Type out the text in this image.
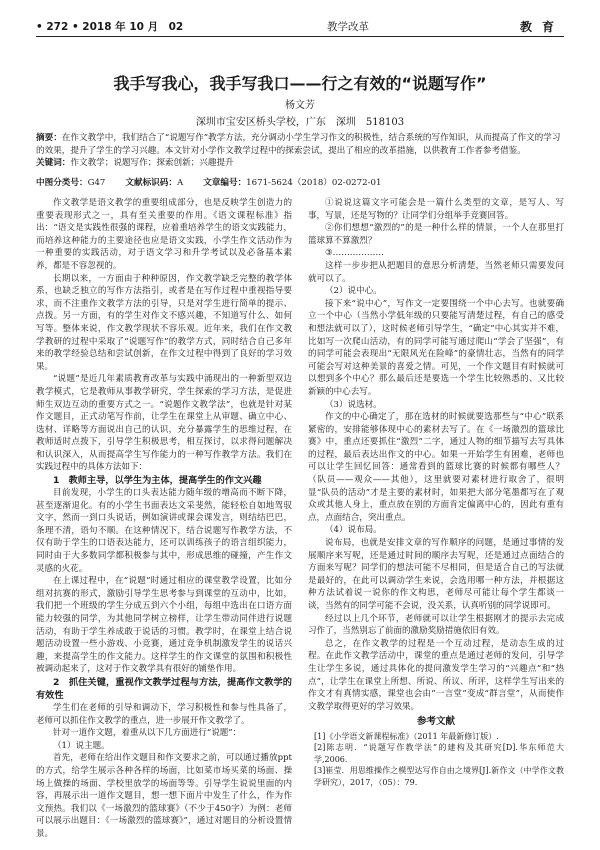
• 272 • 2018 年 10 月　02	教学改革	教育
我手写我心，我手写我口——行之有效的“说题写作”
杨文芳
深圳市宝安区桥头学校，广东　深圳　518103

摘要：在作文教学中，我们结合了“说题写作”教学方法，充分调动小学生学习作文的积极性，结合系统的写作知识，从而提高了作文的学习的效果，提升了学生的学习兴趣。本文针对小学作文教学过程中的探索尝试，提出了相应的改革措施，以供教育工作者参考借鉴。

关键词：作文教学；说题写作；探索创新；兴趣提升

中图分类号：G47 文献标识码：A 文章编号：1671-5624（2018）02-0272-01

作文教学是语文教学的重要组成部分，也是反映学生创造力的重要表现形式之一，具有至关重要的作用。《语文课程标准》指出：“语文是实践性很强的课程，应着重培养学生的语文实践能力，而培养这种能力的主要途径也应是语文实践，小学生作文活动作为一种重要的实践活动，对于语文学习和升学考试以及必备基本素养，都是不容忽视的。

长期以来，一方面由于种种原因，作文教学缺乏完整的教学体系，也缺乏独立的写作方法指引，或者是在写作过程中重视指导要求，而不注重作文教学方法的引导，只是对学生进行简单的提示、点拨。另一方面，有的学生对作文不感兴趣，不知道写什么、如何写等。整体来说，作文教学现状不容乐观。近年来，我们在作文教学教研的过程中采取了“说题写作”的教学方式，同时结合自己多年来的教学经验总结和尝试创新，在作文过程中得到了良好的学习效果。

“说题”是近几年素质教育改革与实践中涌现出的一种新型双边教学模式，它是教师从事教学研究，学生探索的学习方法，是促进师生双边互动的重要方式之一。“说题作文教学法”，也就是针对某作文题目，正式动笔写作前，让学生在课堂上从审题、确立中心、选材、详略等方面说出自己的认识，充分暴露学生的思维过程，在教师适时点拨下，引导学生积极思考，相互探讨，以求得问题解决和认识深入，从而提高学生写作能力的一种写作教学方法。我们在实践过程中的具体方法如下：

1　教师主导，以学生为主体，提高学生的作文兴趣

目前发现，小学生的口头表达能力随年级的增高而不断下降，甚至逐渐退化。有的小学生书面表达文采斐然，能轻松自如地驾驭文字，然而一到口头说话，例如演讲或课会课发言，则结结巴巴，条理不清，语句不顺。在这种情况下，结合说题写作教学方法，不仅有助于学生的口语表达能力，还可以训练孩子的语言组织能力，同时由于大多数同学都积极参与其中，形成思维的碰撞，产生作文灵感的火花。

在上课过程中，在“说题”时通过相应的课堂教学设置，比如分组对抗赛的形式，激励引导学生思考参与到课堂的互动中，比如，我们把一个班级的学生分成五到六个小组，每组中选出在口语方面能力较强的同学，为其他同学树立榜样，让学生带动同伴进行说题活动，有助于学生养成敢于说话的习惯。教学时，在课堂上结合说题活动设置一些小游戏、小竞赛，通过竞争机制激发学生的说话兴趣，来提高学生的作文能力。这样学生的作文课堂的氛围和积极性被调动起来了，这对于作文教学具有很好的铺垫作用。

2　抓住关键，重视作文教学过程与方法，提高作文教学的有效性

学生们在老师的引导和调动下，学习积极性和参与性具备了，老师可以抓住作文教学的重点，进一步展开作文教学了。

针对一道作文题，着重从以下几方面进行“说题”：

（1）说主题。

首先，老师在给出作文题目和作文要求之前，可以通过播放ppt的方式，给学生展示各种各样的场面，比如菜市场买菜的场面、操场上做操的场面、学校里放学的场面等等。引导学生说说里面的内容，再展示出一道作文题目，想一想下面片中发生了什么，作为作文预热。我们以《一场激烈的篮球赛》（不少于450字）为例：老师可以展示出题目：《一场激烈的篮球赛》”，通过对题目的分析设置情景。

①说说这篇文字可能会是一篇什么类型的文章，是写人、写事，写景，还是写物的？让同学们分组举手竞赛回答。

②你们想想“激烈的”的是一种什么样的情景，一个人在那里打篮球算不算激烈？

③………………

这样一步步把从把题目的意思分析清楚，当然老师只需要发问就可以了。

（2）说中心。

接下来“说中心”，写作文一定要围绕一个中心去写。也就要确立一个中心（当然小学低年级的只要能写清楚过程，有自己的感受和想法就可以了），这时候老师引导学生，“确定”中心其实并不难，比如写一次爬山活动，有的同学可能写通过爬山“学会了坚强”，有的同学可能会表现出“无限风光在险峰”的豪情壮志，当然有的同学可能会写对这种美景的喜爱之情。可见，一个作文题目有时候就可以想到多个中心？那么最后还是要选一个学生比较熟悉的、又比较新颖的中心去写。

（3）说选材。

作文的中心确定了，那在选材的时候就要选那些与“中心”联系紧密的，安排能够体现中心的素材去写了。在《一场激烈的篮球比赛》中，重点还要抓住“激烈”二字，通过人物的细节描写去写具体的过程，最后表达出作文的中心。如果一开始学生有困难，老师也可以让学生回忆回答：通常看到的篮球比赛的时候都有哪些人？（队员——观众——其他），这里就要对素材进行取舍了，很明显“队员的活动”才是主要的素材时，如果把大部分笔墨都写在了观众或其他人身上，重点放在别的方面肯定偏离中心的，因此有重有点，点面结合，突出重点。

（4）说布局。

说布局，也就是安排文章的写作顺序的问题，是通过事情的发展顺序来写呢，还是通过时间的顺序去写呢，还是通过点面结合的方面来写呢？同学们的想法可能不尽相同，但是适合自己的写法就是最好的，在此可以调动学生来说，会选用哪一种方法，并根据这种方法试着说一说你的作文构思，老师尽可能让每个学生都谈一谈，当然有的同学可能不会说，没关系，认真听别的同学说即可。

经过以上几个环节，老师就可以让学生根据刚才的提示去完成习作了，当然别忘了前面的激励奖励措施依旧有效。

总之，在作文教学的过程是一个互动过程，是动态生成的过程。在此作文教学活动中，课堂的重点是通过老师的发问，引导学生让学生多说，通过具体化的提问激发学生学习的“兴趣点”和“热点”，让学生在课堂上所想、所说、所议、所评，这样学生写出来的作文才有真情实感，课堂也会由“一言堂”变成“群言堂”，从而使作文教学取得更好的学习效果。

参考文献

[1]《小学语文新课程标准》（2011 年最新修订版）.

[2]陈志明．“说题写作教学法”的建构及其研究[D].华东师范大学,2006.

[3]崔莹．用思维操作之模型达写作自由之境界[J].新作文（中学作文教学研究），2017，（05）：79.
